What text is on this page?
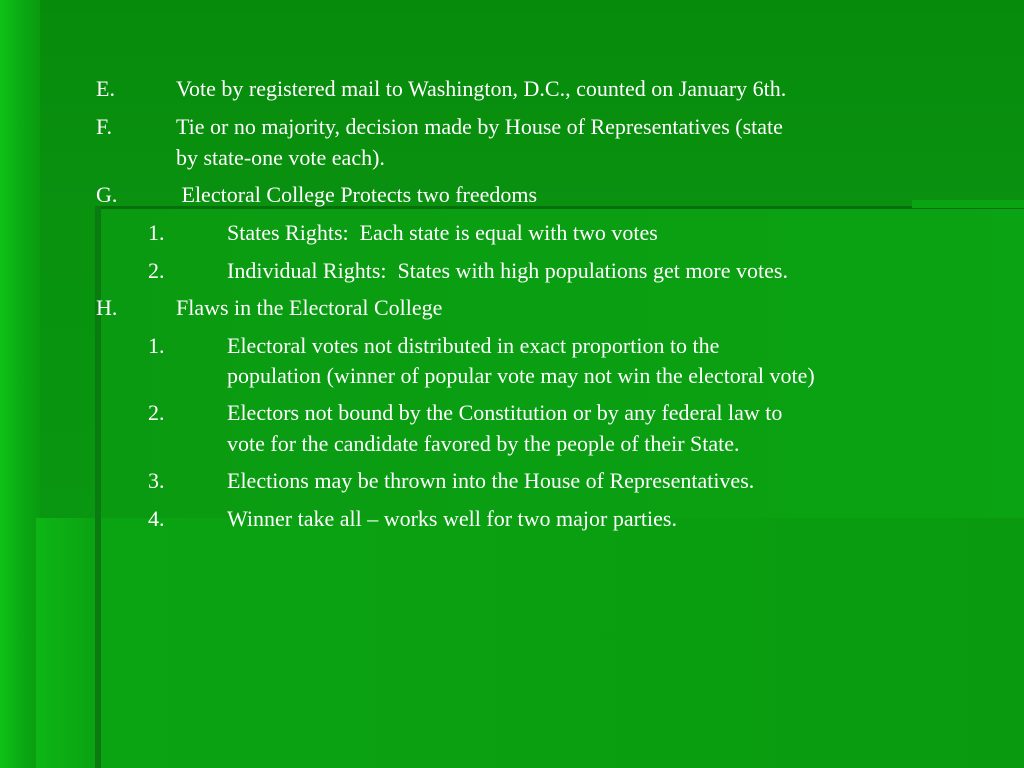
E.	Vote by registered mail to Washington, D.C., counted on January 6th.
F.	Tie or no majority, decision made by House of Representatives (state
by state-one vote each).
G.	Electoral College Protects two freedoms
1.	States Rights:  Each state is equal with two votes
2.	Individual Rights:  States with high populations get more votes.
H.	Flaws in the Electoral College
1.	Electoral votes not distributed in exact proportion to the
population (winner of popular vote may not win the electoral vote)
2.	Electors not bound by the Constitution or by any federal law to
vote for the candidate favored by the people of their State.
3.	Elections may be thrown into the House of Representatives.
4.	Winner take all – works well for two major parties.
